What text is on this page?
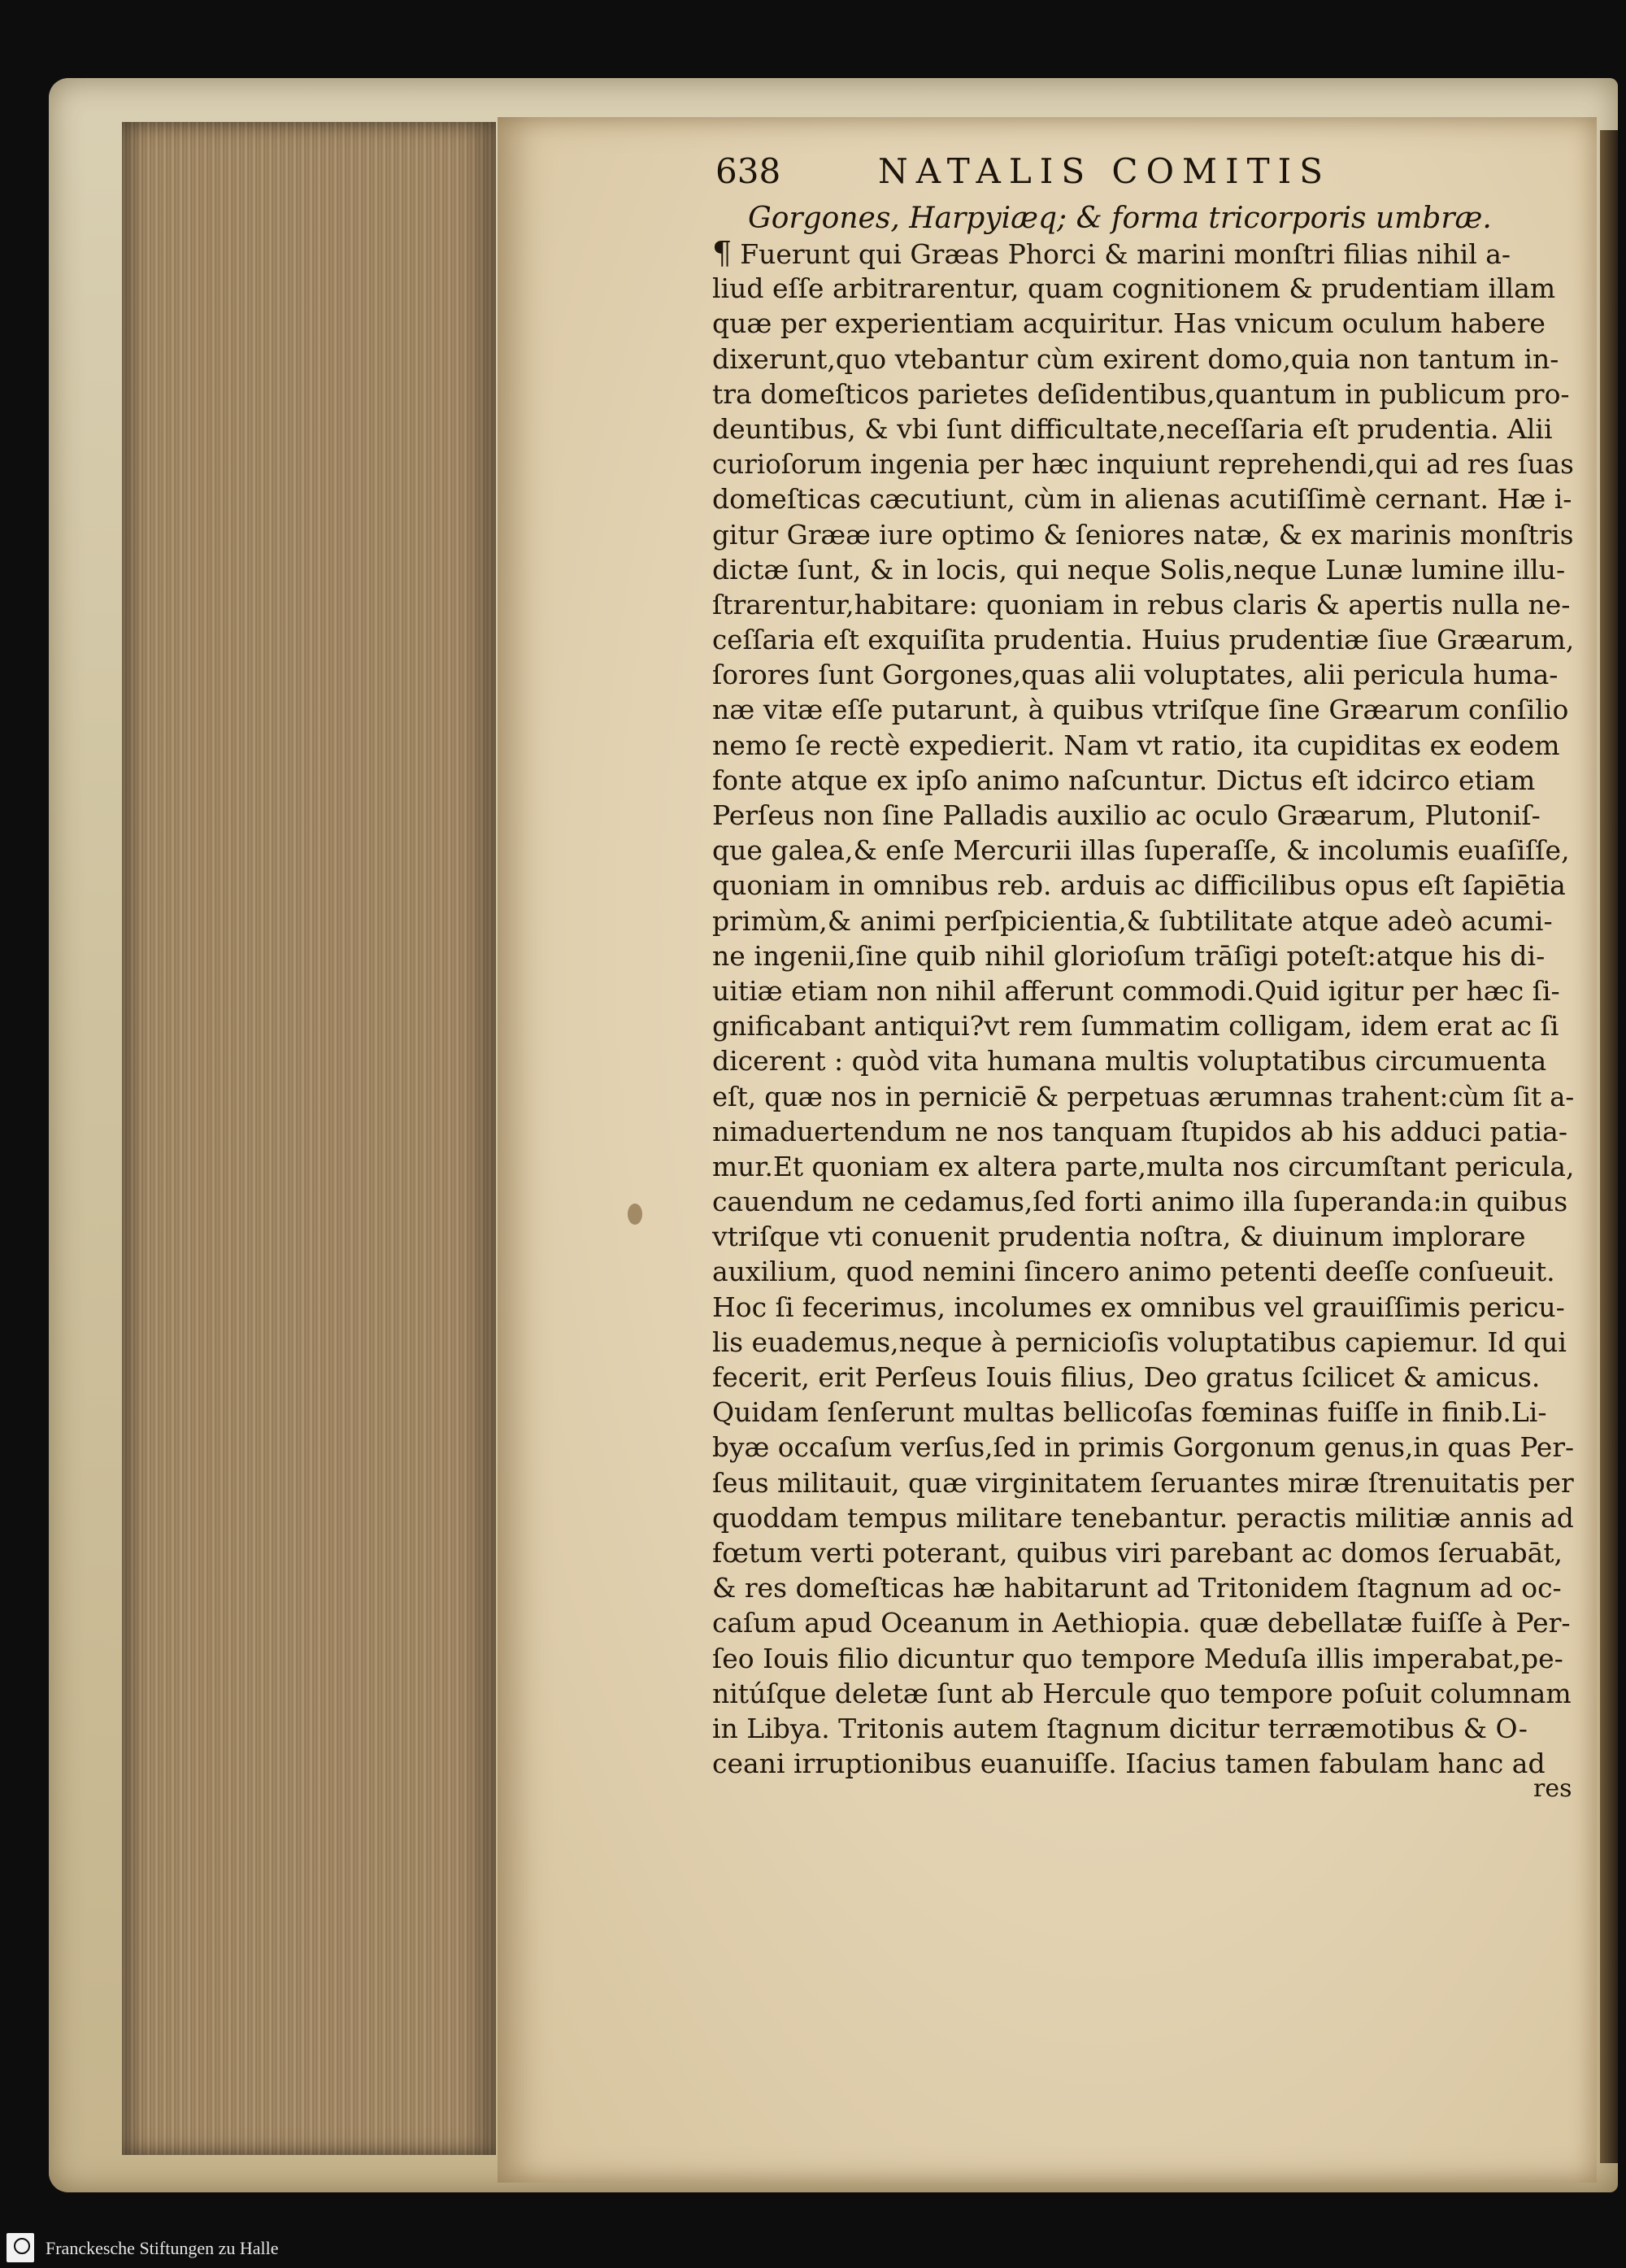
638	NATALIS COMITIS
Gorgones, Harpyiæq; & forma tricorporis umbræ.
¶ Fuerunt qui Græas Phorci & marini monſtri filias nihil a-
liud eſſe arbitrarentur, quam cognitionem & prudentiam illam
quæ per experientiam acquiritur. Has vnicum oculum habere
dixerunt,quo vtebantur cùm exirent domo,quia non tantum in-
tra domeſticos parietes deſidentibus,quantum in publicum pro-
deuntibus, & vbi ſunt difficultate,neceſſaria eſt prudentia. Alii
curioſorum ingenia per hæc inquiunt reprehendi,qui ad res ſuas
domeſticas cæcutiunt, cùm in alienas acutiſſimè cernant. Hæ i-
gitur Grææ iure optimo & ſeniores natæ, & ex marinis monſtris
dictæ ſunt, & in locis, qui neque Solis,neque Lunæ lumine illu-
ſtrarentur,habitare: quoniam in rebus claris & apertis nulla ne-
ceſſaria eſt exquiſita prudentia. Huius prudentiæ ſiue Græarum,
ſorores ſunt Gorgones,quas alii voluptates, alii pericula huma-
næ vitæ eſſe putarunt, à quibus vtriſque ſine Græarum conſilio
nemo ſe rectè expedierit. Nam vt ratio, ita cupiditas ex eodem
fonte atque ex ipſo animo naſcuntur. Dictus eſt idcirco etiam
Perſeus non ſine Palladis auxilio ac oculo Græarum, Plutoniſ-
que galea,& enſe Mercurii illas ſuperaſſe, & incolumis euaſiſſe,
quoniam in omnibus reb. arduis ac difficilibus opus eſt ſapiētia
primùm,& animi perſpicientia,& ſubtilitate atque adeò acumi-
ne ingenii,ſine quib nihil glorioſum trāſigi poteſt:atque his di-
uitiæ etiam non nihil afferunt commodi.Quid igitur per hæc ſi-
gnificabant antiqui?vt rem ſummatim colligam, idem erat ac ſi
dicerent : quòd vita humana multis voluptatibus circumuenta
eſt, quæ nos in perniciē & perpetuas ærumnas trahent:cùm ſit a-
nimaduertendum ne nos tanquam ſtupidos ab his adduci patia-
mur.Et quoniam ex altera parte,multa nos circumſtant pericula,
cauendum ne cedamus,ſed forti animo illa ſuperanda:in quibus
vtriſque vti conuenit prudentia noſtra, & diuinum implorare
auxilium, quod nemini ſincero animo petenti deeſſe conſueuit.
Hoc ſi fecerimus, incolumes ex omnibus vel grauiſſimis pericu-
lis euademus,neque à pernicioſis voluptatibus capiemur. Id qui
fecerit, erit Perſeus Iouis filius, Deo gratus ſcilicet & amicus.
Quidam ſenſerunt multas bellicoſas fœminas fuiſſe in finib.Li-
byæ occaſum verſus,ſed in primis Gorgonum genus,in quas Per-
ſeus militauit, quæ virginitatem ſeruantes miræ ſtrenuitatis per
quoddam tempus militare tenebantur. peractis militiæ annis ad
fœtum verti poterant, quibus viri parebant ac domos ſeruabāt,
& res domeſticas hæ habitarunt ad Tritonidem ſtagnum ad oc-
caſum apud Oceanum in Aethiopia. quæ debellatæ fuiſſe à Per-
ſeo Iouis filio dicuntur quo tempore Meduſa illis imperabat,pe-
nitúſque deletæ ſunt ab Hercule quo tempore poſuit columnam
in Libya. Tritonis autem ſtagnum dicitur terræmotibus & O-
ceani irruptionibus euanuiſſe. Iſacius tamen fabulam hanc ad
res
Franckesche Stiftungen zu Halle
